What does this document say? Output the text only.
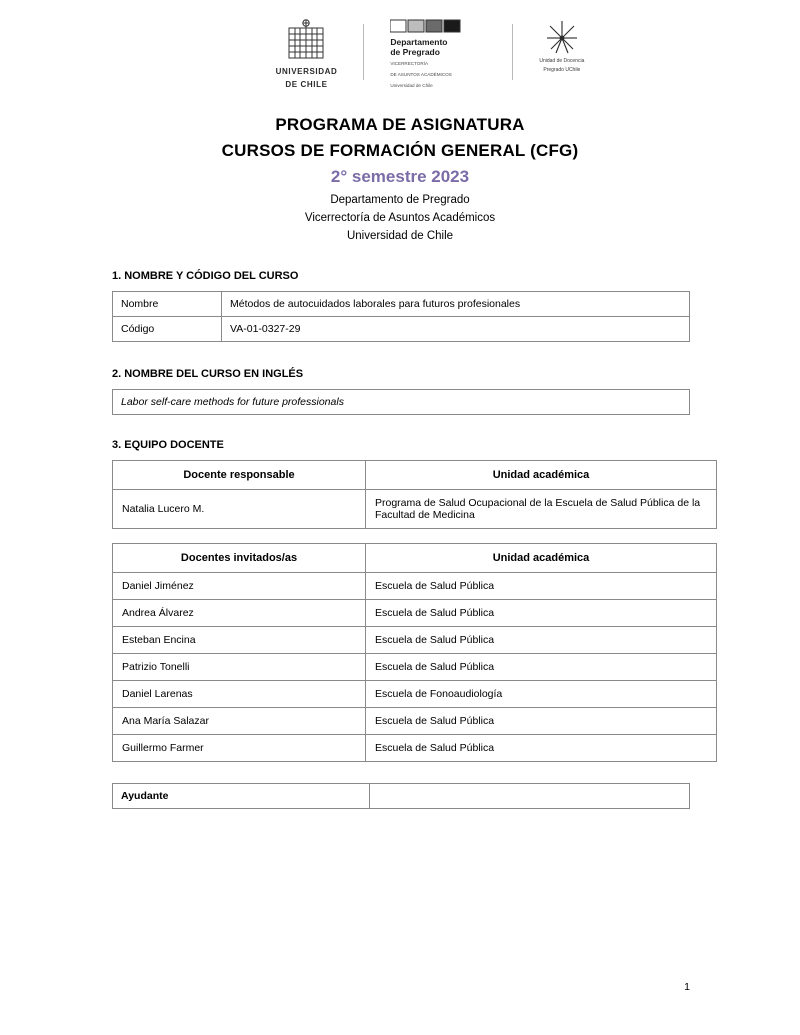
UNIVERSIDAD
DE CHILE
Departamento
de Pregrado
VICERRECTORÍA
DE ASUNTOS ACADÉMICOS
Universidad de Chile
Unidad de Docencia
Pregrado UChile
PROGRAMA DE ASIGNATURA
CURSOS DE FORMACIÓN GENERAL (CFG)
2° semestre 2023
Departamento de Pregrado
Vicerrectoría de Asuntos Académicos
Universidad de Chile
1. NOMBRE Y CÓDIGO DEL CURSO
Nombre	Métodos de autocuidados laborales para futuros profesionales
Código	VA-01-0327-29
2. NOMBRE DEL CURSO EN INGLÉS
Labor self-care methods for future professionals
3. EQUIPO DOCENTE
Docente responsable	Unidad académica
Natalia Lucero M.	Programa de Salud Ocupacional de la Escuela de Salud Pública de la Facultad de Medicina
Docentes invitados/as	Unidad académica
Daniel Jiménez	Escuela de Salud Pública
Andrea Álvarez	Escuela de Salud Pública
Esteban Encina	Escuela de Salud Pública
Patrizio Tonelli	Escuela de Salud Pública
Daniel Larenas	Escuela de Fonoaudiología
Ana María Salazar	Escuela de Salud Pública
Guillermo Farmer	Escuela de Salud Pública
Ayudante	
1
